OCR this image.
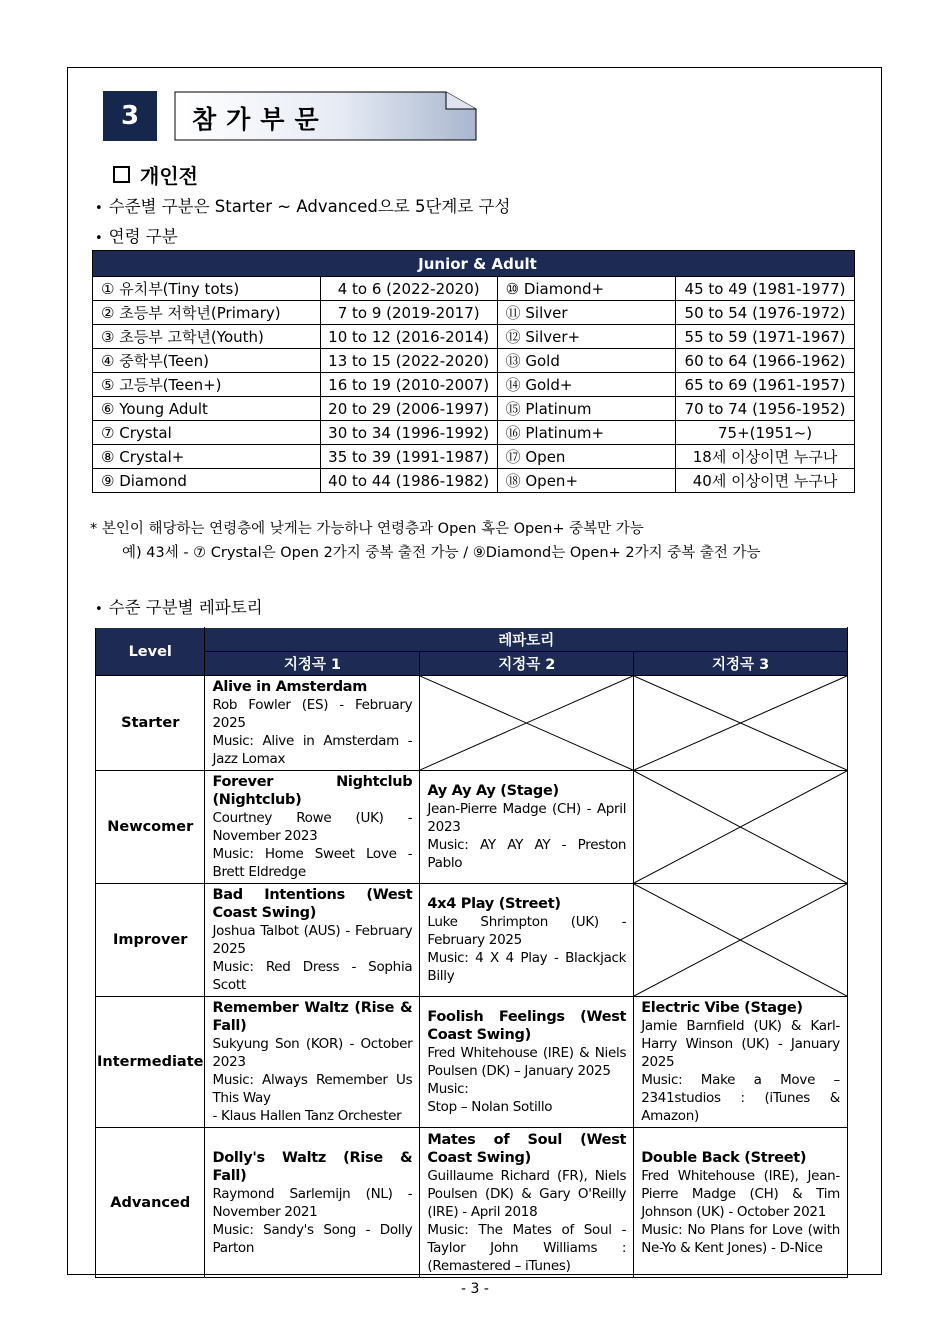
3	참가부문
개인전
• 수준별 구분은 Starter ~ Advanced으로 5단계로 구성
• 연령 구분
Junior & Adult			
① 유치부(Tiny tots)	4 to 6 (2022-2020)	⑩ Diamond+	45 to 49 (1981-1977)
② 초등부 저학년(Primary)	7 to 9 (2019-2017)	⑪ Silver	50 to 54 (1976-1972)
③ 초등부 고학년(Youth)	10 to 12 (2016-2014)	⑫ Silver+	55 to 59 (1971-1967)
④ 중학부(Teen)	13 to 15 (2022-2020)	⑬ Gold	60 to 64 (1966-1962)
⑤ 고등부(Teen+)	16 to 19 (2010-2007)	⑭ Gold+	65 to 69 (1961-1957)
⑥ Young Adult	20 to 29 (2006-1997)	⑮ Platinum	70 to 74 (1956-1952)
⑦ Crystal	30 to 34 (1996-1992)	⑯ Platinum+	75+(1951~)
⑧ Crystal+	35 to 39 (1991-1987)	⑰ Open	18세 이상이면 누구나
⑨ Diamond	40 to 44 (1986-1982)	⑱ Open+	40세 이상이면 누구나
* 본인이 해당하는 연령층에 낮게는 가능하나 연령층과 Open 혹은 Open+ 중복만 가능
예) 43세 - ⑦ Crystal은 Open 2가지 중복 출전 가능 / ⑨Diamond는 Open+ 2가지 중복 출전 가능
• 수준 구분별 레파토리
Level	레파토리		
	지정곡 1	지정곡 2	지정곡 3
Starter	Alive in Amsterdam
Rob Fowler (ES) - February 2025
Music: Alive in Amsterdam - Jazz Lomax

Newcomer	Forever Nightclub (Nightclub)
Courtney Rowe (UK) - November 2023
Music: Home Sweet Love - Brett Eldredge	Ay Ay Ay (Stage)
Jean-Pierre Madge (CH) - April 2023
Music: AY AY AY - Preston Pablo

Improver	Bad Intentions (West Coast Swing)
Joshua Talbot (AUS) - February 2025
Music: Red Dress - Sophia Scott	4x4 Play (Street)
Luke Shrimpton (UK) - February 2025
Music: 4 X 4 Play - Blackjack Billy

Intermediate	Remember Waltz (Rise & Fall)
Sukyung Son (KOR) - October 2023
Music: Always Remember Us This Way
- Klaus Hallen Tanz Orchester	Foolish Feelings (West Coast Swing)
Fred Whitehouse (IRE) & Niels Poulsen (DK) – January 2025
Music:
Stop – Nolan Sotillo	Electric Vibe (Stage)
Jamie Barnfield (UK) & Karl-Harry Winson (UK) - January 2025
Music: Make a Move – 2341studios : (iTunes & Amazon)

Advanced	Dolly's Waltz (Rise & Fall)
Raymond Sarlemijn (NL) - November 2021
Music: Sandy's Song - Dolly Parton	Mates of Soul (West Coast Swing)
Guillaume Richard (FR), Niels Poulsen (DK) & Gary O'Reilly (IRE) - April 2018
Music: The Mates of Soul - Taylor John Williams : (Remastered – iTunes)	Double Back (Street)
Fred Whitehouse (IRE), Jean-Pierre Madge (CH) & Tim Johnson (UK) - October 2021
Music: No Plans for Love (with Ne-Yo & Kent Jones) - D-Nice
- 3 -
